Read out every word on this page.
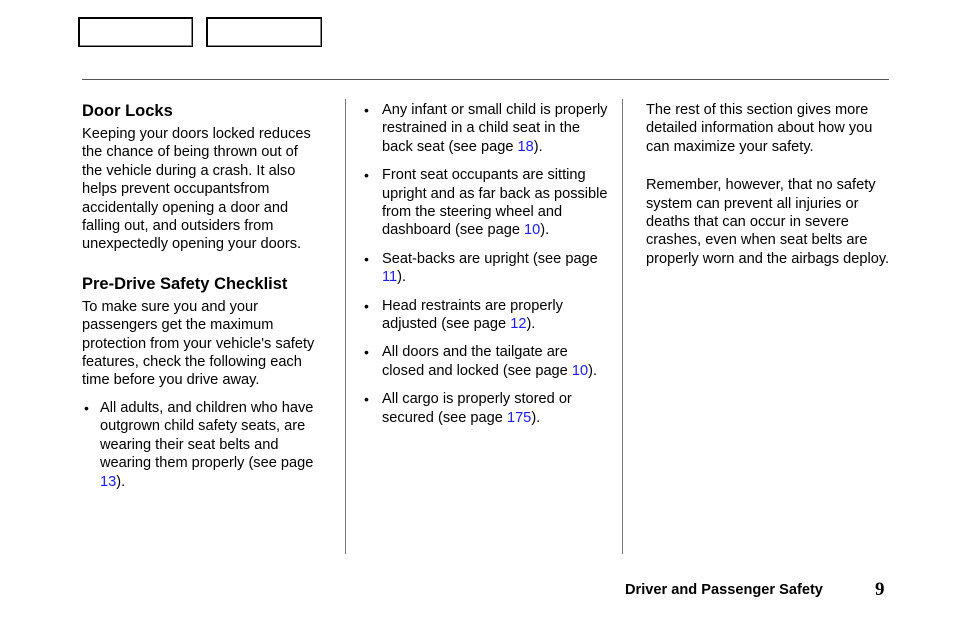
Door Locks

Keeping your doors locked reduces the chance of being thrown out of the vehicle during a crash. It also helps prevent occupantsfrom accidentally opening a door and falling out, and outsiders from unexpectedly opening your doors.

Pre-Drive Safety Checklist

To make sure you and your passengers get the maximum protection from your vehicle's safety features, check the following each time before you drive away.

• All adults, and children who have outgrown child safety seats, are wearing their seat belts and wearing them properly (see page 13).
• Any infant or small child is properly restrained in a child seat in the back seat (see page 18).
• Front seat occupants are sitting upright and as far back as possible from the steering wheel and dashboard (see page 10).
• Seat-backs are upright (see page 11).
• Head restraints are properly adjusted (see page 12).
• All doors and the tailgate are closed and locked (see page 10).
• All cargo is properly stored or secured (see page 175).

The rest of this section gives more detailed information about how you can maximize your safety.

Remember, however, that no safety system can prevent all injuries or deaths that can occur in severe crashes, even when seat belts are properly worn and the airbags deploy.

Driver and Passenger Safety	9
